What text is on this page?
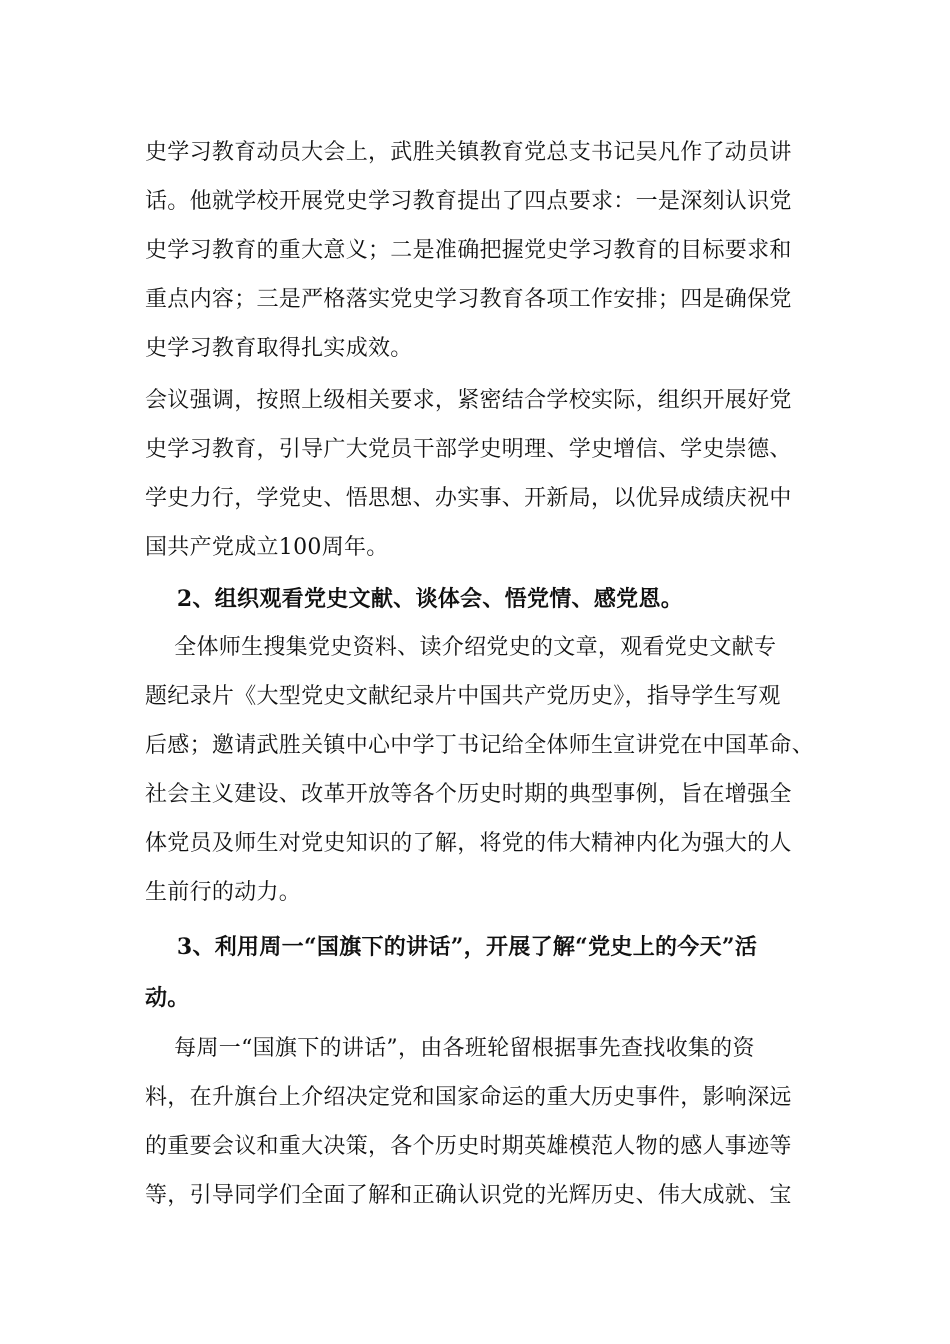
史学习教育动员大会上，武胜关镇教育党总支书记吴凡作了动员讲
话。他就学校开展党史学习教育提出了四点要求：一是深刻认识党
史学习教育的重大意义；二是准确把握党史学习教育的目标要求和
重点内容；三是严格落实党史学习教育各项工作安排；四是确保党
史学习教育取得扎实成效。
会议强调，按照上级相关要求，紧密结合学校实际，组织开展好党
史学习教育，引导广大党员干部学史明理、学史增信、学史崇德、
学史力行，学党史、悟思想、办实事、开新局，以优异成绩庆祝中
国共产党成立100周年。
2、组织观看党史文献、谈体会、悟党情、感党恩。
全体师生搜集党史资料、读介绍党史的文章，观看党史文献专
题纪录片《大型党史文献纪录片中国共产党历史》，指导学生写观
后感；邀请武胜关镇中心中学丁书记给全体师生宣讲党在中国革命、
社会主义建设、改革开放等各个历史时期的典型事例，旨在增强全
体党员及师生对党史知识的了解，将党的伟大精神内化为强大的人
生前行的动力。
3、利用周一“国旗下的讲话”，开展了解“党史上的今天”活
动。
每周一“国旗下的讲话”，由各班轮留根据事先查找收集的资
料，在升旗台上介绍决定党和国家命运的重大历史事件，影响深远
的重要会议和重大决策，各个历史时期英雄模范人物的感人事迹等
等，引导同学们全面了解和正确认识党的光辉历史、伟大成就、宝
